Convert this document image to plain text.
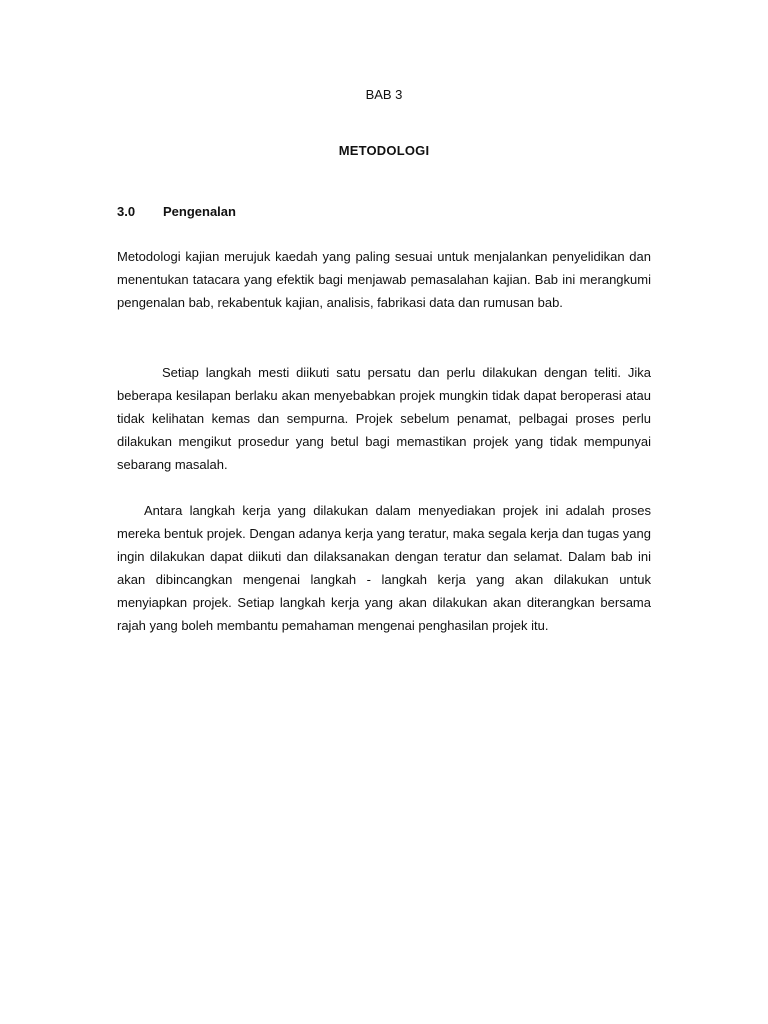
BAB 3
METODOLOGI
3.0 Pengenalan

Metodologi kajian merujuk kaedah yang paling sesuai untuk menjalankan penyelidikan dan menentukan tatacara yang efektik bagi menjawab pemasalahan kajian. Bab ini merangkumi pengenalan bab, rekabentuk kajian, analisis, fabrikasi data dan rumusan bab.

Setiap langkah mesti diikuti satu persatu dan perlu dilakukan dengan teliti. Jika beberapa kesilapan berlaku akan menyebabkan projek mungkin tidak dapat beroperasi atau tidak kelihatan kemas dan sempurna. Projek sebelum penamat, pelbagai proses perlu dilakukan mengikut prosedur yang betul bagi memastikan projek yang tidak mempunyai sebarang masalah.

Antara langkah kerja yang dilakukan dalam menyediakan projek ini adalah proses mereka bentuk projek. Dengan adanya kerja yang teratur, maka segala kerja dan tugas yang ingin dilakukan dapat diikuti dan dilaksanakan dengan teratur dan selamat. Dalam bab ini akan dibincangkan mengenai langkah - langkah kerja yang akan dilakukan untuk menyiapkan projek. Setiap langkah kerja yang akan dilakukan akan diterangkan bersama rajah yang boleh membantu pemahaman mengenai penghasilan projek itu.
